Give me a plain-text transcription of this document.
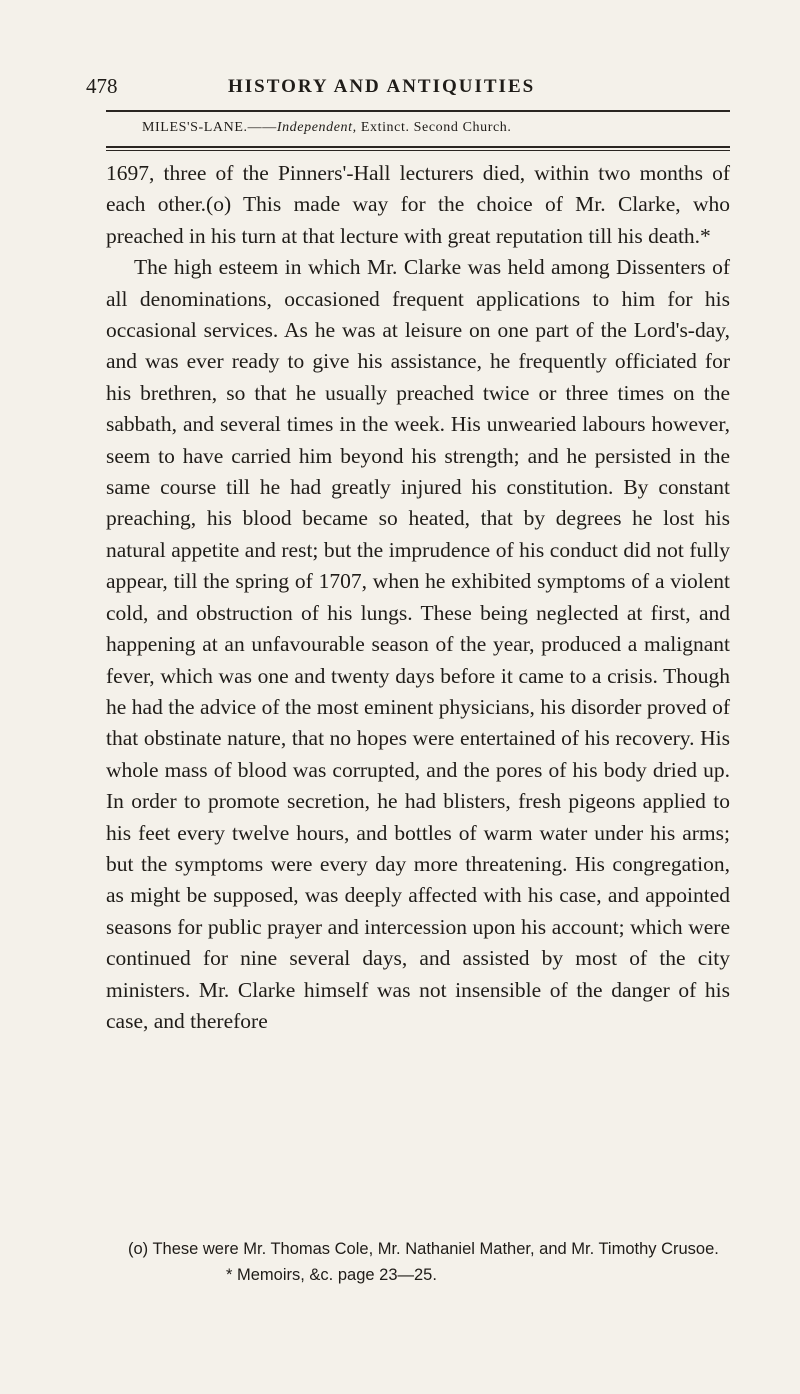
478	HISTORY AND ANTIQUITIES
MILES'S-LANE.——Independent, Extinct. Second Church.

1697, three of the Pinners'-Hall lecturers died, within two months of each other.(o) This made way for the choice of Mr. Clarke, who preached in his turn at that lecture with great reputation till his death.*

The high esteem in which Mr. Clarke was held among Dissenters of all denominations, occasioned frequent applications to him for his occasional services. As he was at leisure on one part of the Lord's-day, and was ever ready to give his assistance, he frequently officiated for his brethren, so that he usually preached twice or three times on the sabbath, and several times in the week. His unwearied labours however, seem to have carried him beyond his strength; and he persisted in the same course till he had greatly injured his constitution. By constant preaching, his blood became so heated, that by degrees he lost his natural appetite and rest; but the imprudence of his conduct did not fully appear, till the spring of 1707, when he exhibited symptoms of a violent cold, and obstruction of his lungs. These being neglected at first, and happening at an unfavourable season of the year, produced a malignant fever, which was one and twenty days before it came to a crisis. Though he had the advice of the most eminent physicians, his disorder proved of that obstinate nature, that no hopes were entertained of his recovery. His whole mass of blood was corrupted, and the pores of his body dried up. In order to promote secretion, he had blisters, fresh pigeons applied to his feet every twelve hours, and bottles of warm water under his arms; but the symptoms were every day more threatening. His congregation, as might be supposed, was deeply affected with his case, and appointed seasons for public prayer and intercession upon his account; which were continued for nine several days, and assisted by most of the city ministers. Mr. Clarke himself was not insensible of the danger of his case, and therefore

(o) These were Mr. Thomas Cole, Mr. Nathaniel Mather, and Mr. Timothy Crusoe.

* Memoirs, &c. page 23—25.
